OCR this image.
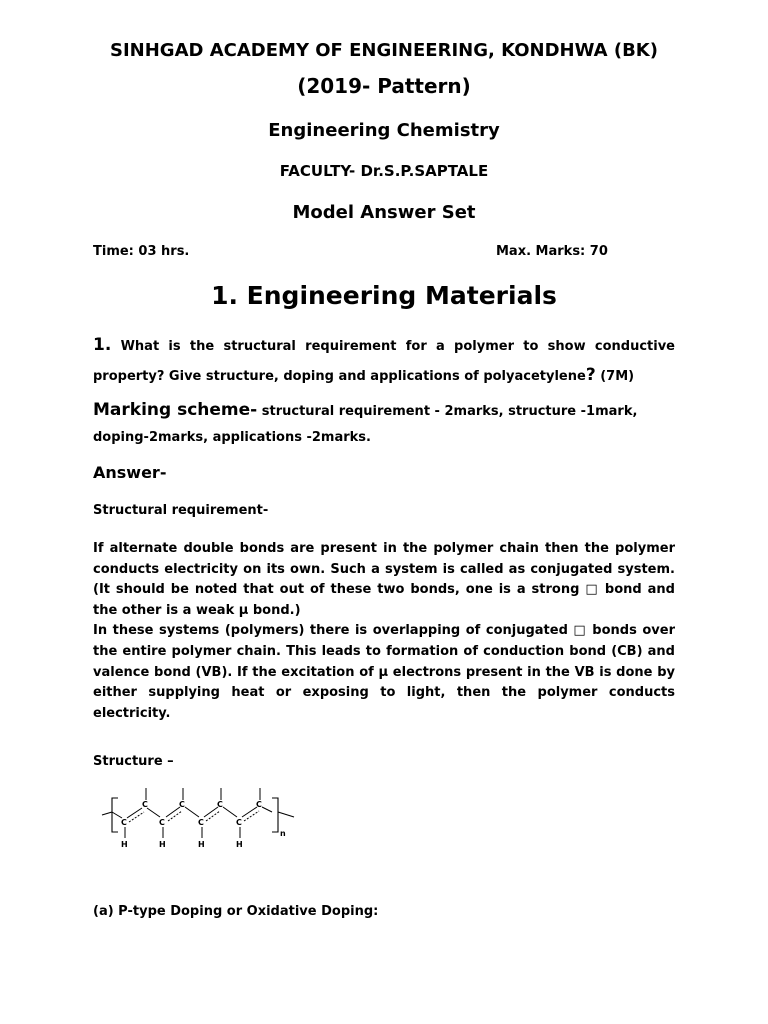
SINHGAD ACADEMY OF ENGINEERING, KONDHWA (BK)
(2019- Pattern)
Engineering Chemistry
FACULTY- Dr.S.P.SAPTALE
Model Answer Set
Time: 03 hrs.	Max. Marks: 70
1. Engineering Materials
1. What is the structural requirement for a polymer to show conductive property? Give structure, doping and applications of polyacetylene? (7M)
Marking scheme- structural requirement - 2marks, structure -1mark, doping-2marks, applications -2marks.
Answer-
Structural requirement-

If alternate double bonds are present in the polymer chain then the polymer conducts electricity on its own. Such a system is called as conjugated system. (It should be noted that out of these two bonds, one is a strong □ bond and the other is a weak μ bond.)

In these systems (polymers) there is overlapping of conjugated □ bonds over the entire polymer chain. This leads to formation of conduction bond (CB) and valence bond (VB). If the excitation of μ electrons present in the VB is done by either supplying heat or exposing to light, then the polymer conducts electricity.

Structure –
C
C
C
C
C
C
C
C
H	H	H	H
n
(a) P-type Doping or Oxidative Doping:
